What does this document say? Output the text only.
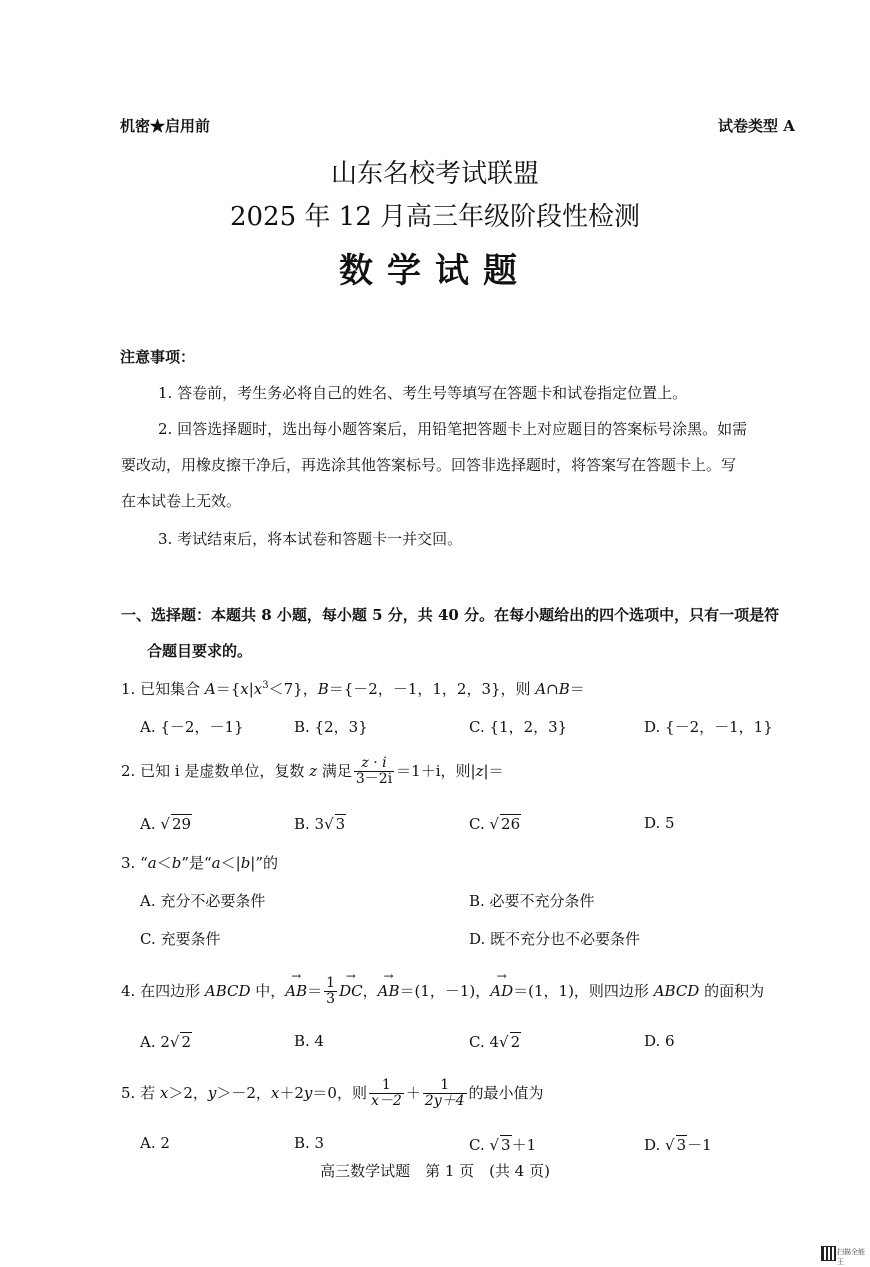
机密★启用前	试卷类型 A
山东名校考试联盟
2025 年 12 月高三年级阶段性检测
数学试题
注意事项：
1. 答卷前，考生务必将自己的姓名、考生号等填写在答题卡和试卷指定位置上。
2. 回答选择题时，选出每小题答案后，用铅笔把答题卡上对应题目的答案标号涂黑。如需
要改动，用橡皮擦干净后，再选涂其他答案标号。回答非选择题时，将答案写在答题卡上。写
在本试卷上无效。
3. 考试结束后，将本试卷和答题卡一并交回。
一、选择题：本题共 8 小题，每小题 5 分，共 40 分。在每小题给出的四个选项中，只有一项是符
合题目要求的。
1. 已知集合 $A=\{x|x^3<7\}$，B＝{－2，－1，1，2，3}，则 A∩B＝
A. {－2，－1}	B. {2，3}	C. {1，2，3}	D. {－2，－1，1}
2. 已知 i 是虚数单位，复数 z 满足 $\frac{z \cdot i}{3-2i} =1+i$，则|z|＝
A. √ 29	B. 3√ 3	C. √ 26	D. 5
3. “a＜b”是“a＜|b|”的
A. 充分不必要条件	B. 必要不充分条件
C. 充要条件	D. 既不充分也不必要条件
4. 在四边形 ABCD 中，→ $AB= \frac{1}{3}$
→ DC，→ AB＝(1，－1)，→ AD＝(1，1)，则四边形 ABCD 的面积为
A. 2√ 2	B. 4	C. 4√ 2	D. 6
5. 若 x＞2，y＞－2，x＋2y＝0，则 $\frac{1}{x-2} + \frac{1}{2y+4}$ 的最小值为
A. 2	B. 3	C. √ 3＋1	D. √ 3－1
高三数学试题　第 1 页　(共 4 页)
扫描全能王
